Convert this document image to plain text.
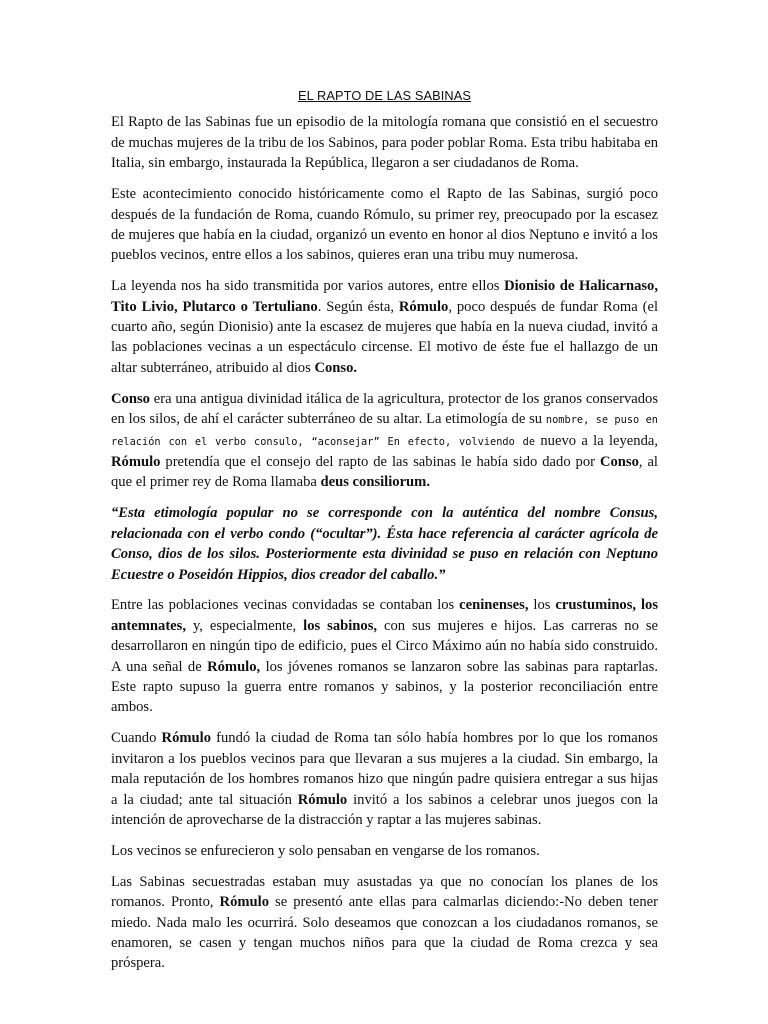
EL RAPTO DE LAS SABINAS

El Rapto de las Sabinas fue un episodio de la mitología romana que consistió en el secuestro de muchas mujeres de la tribu de los Sabinos, para poder poblar Roma. Esta tribu habitaba en Italia, sin embargo, instaurada la República, llegaron a ser ciudadanos de Roma.

Este acontecimiento conocido históricamente como el Rapto de las Sabinas, surgió poco después de la fundación de Roma, cuando Rómulo, su primer rey, preocupado por la escasez de mujeres que había en la ciudad, organizó un evento en honor al dios Neptuno e invitó a los pueblos vecinos, entre ellos a los sabinos, quieres eran una tribu muy numerosa.

La leyenda nos ha sido transmitida por varios autores, entre ellos Dionisio de Halicarnaso, Tito Livio, Plutarco o Tertuliano. Según ésta, Rómulo, poco después de fundar Roma (el cuarto año, según Dionisio) ante la escasez de mujeres que había en la nueva ciudad, invitó a las poblaciones vecinas a un espectáculo circense. El motivo de éste fue el hallazgo de un altar subterráneo, atribuido al dios Conso.

Conso era una antigua divinidad itálica de la agricultura, protector de los granos conservados en los silos, de ahí el carácter subterráneo de su altar. La etimología de su nombre, se puso en relación con el verbo consulo, “aconsejar” En efecto, volviendo de nuevo a la leyenda, Rómulo pretendía que el consejo del rapto de las sabinas le había sido dado por Conso, al que el primer rey de Roma llamaba deus consiliorum.

“Esta etimología popular no se corresponde con la auténtica del nombre Consus, relacionada con el verbo condo (“ocultar”). Ésta hace referencia al carácter agrícola de Conso, dios de los silos. Posteriormente esta divinidad se puso en relación con Neptuno Ecuestre o Poseidón Hippios, dios creador del caballo.”

Entre las poblaciones vecinas convidadas se contaban los ceninenses, los crustuminos, los antemnates, y, especialmente, los sabinos, con sus mujeres e hijos. Las carreras no se desarrollaron en ningún tipo de edificio, pues el Circo Máximo aún no había sido construido. A una señal de Rómulo, los jóvenes romanos se lanzaron sobre las sabinas para raptarlas. Este rapto supuso la guerra entre romanos y sabinos, y la posterior reconciliación entre ambos.

Cuando Rómulo fundó la ciudad de Roma tan sólo había hombres por lo que los romanos invitaron a los pueblos vecinos para que llevaran a sus mujeres a la ciudad. Sin embargo, la mala reputación de los hombres romanos hizo que ningún padre quisiera entregar a sus hijas a la ciudad; ante tal situación Rómulo invitó a los sabinos a celebrar unos juegos con la intención de aprovecharse de la distracción y raptar a las mujeres sabinas.

Los vecinos se enfurecieron y solo pensaban en vengarse de los romanos.

Las Sabinas secuestradas estaban muy asustadas ya que no conocían los planes de los romanos. Pronto, Rómulo se presentó ante ellas para calmarlas diciendo:-No deben tener miedo. Nada malo les ocurrirá. Solo deseamos que conozcan a los ciudadanos romanos, se enamoren, se casen y tengan muchos niños para que la ciudad de Roma crezca y sea próspera.
